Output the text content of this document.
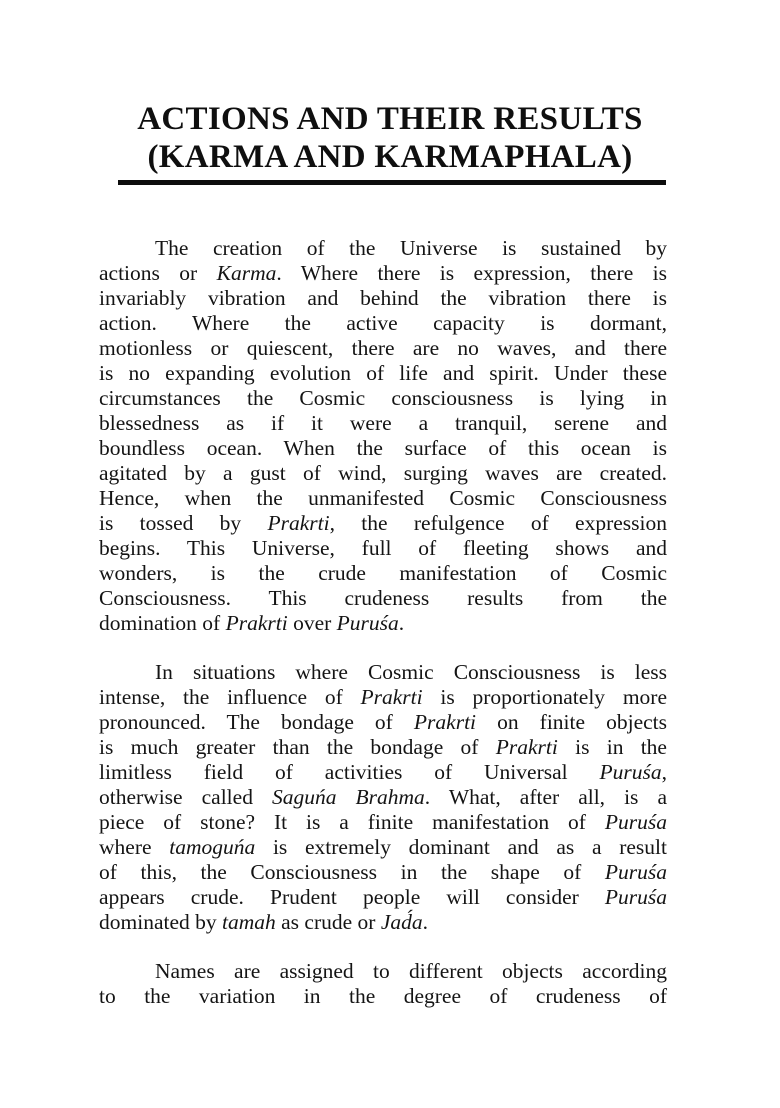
ACTIONS AND THEIR RESULTS
(KARMA AND KARMAPHALA)
The creation of the Universe is sustained by
actions or Karma. Where there is expression, there is
invariably vibration and behind the vibration there is
action. Where the active capacity is dormant,
motionless or quiescent, there are no waves, and there
is no expanding evolution of life and spirit. Under these
circumstances the Cosmic consciousness is lying in
blessedness as if it were a tranquil, serene and
boundless ocean. When the surface of this ocean is
agitated by a gust of wind, surging waves are created.
Hence, when the unmanifested Cosmic Consciousness
is tossed by Prakrti, the refulgence of expression
begins. This Universe, full of fleeting shows and
wonders, is the crude manifestation of Cosmic
Consciousness. This crudeness results from the
domination of Prakrti over Puruśa.
In situations where Cosmic Consciousness is less
intense, the influence of Prakrti is proportionately more
pronounced. The bondage of Prakrti on finite objects
is much greater than the bondage of Prakrti is in the
limitless field of activities of Universal Puruśa,
otherwise called Saguńa Brahma. What, after all, is a
piece of stone? It is a finite manifestation of Puruśa
where tamoguńa is extremely dominant and as a result
of this, the Consciousness in the shape of Puruśa
appears crude. Prudent people will consider Puruśa
dominated by tamah as crude or Jad́a.
Names are assigned to different objects according
to the variation in the degree of crudeness of
